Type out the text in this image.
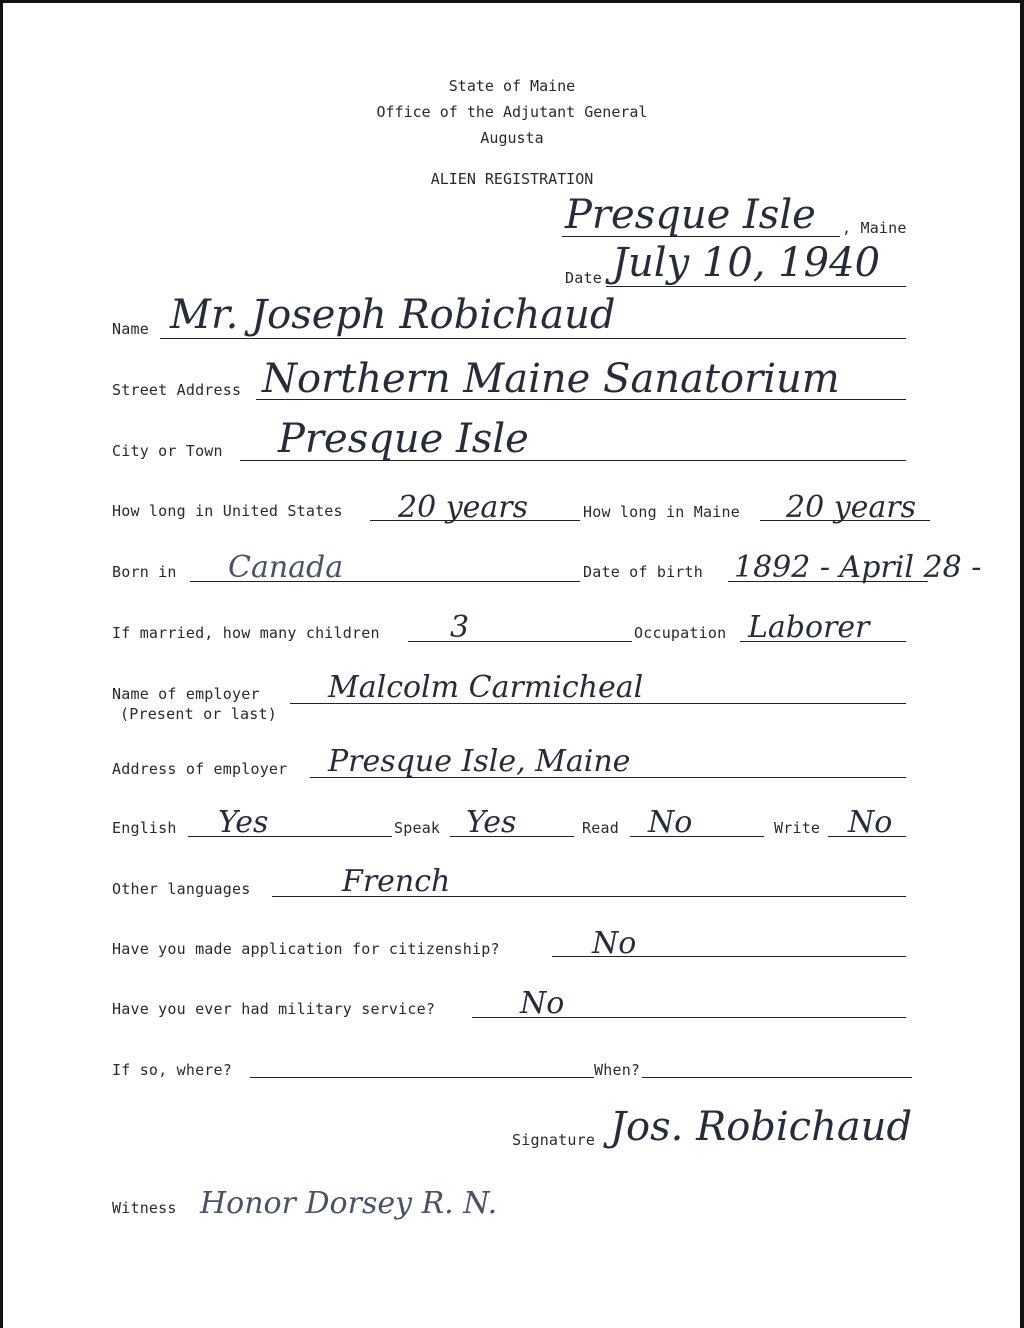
State of Maine
Office of the Adjutant General
Augusta
ALIEN REGISTRATION
Presque Isle , Maine
Date July 10, 1940
Name Mr. Joseph Robichaud
Street Address Northern Maine Sanatorium
City or Town Presque Isle
How long in United States 20 years	How long in Maine 20 years
Born in Canada	Date of birth 1892 - April 28 -
If married, how many children 3	Occupation Laborer
Name of employer
(Present or last)
Malcolm Carmicheal
Address of employer Presque Isle, Maine
English Yes	Speak Yes	Read No	Write No
Other languages	French
Have you made application for citizenship?	No
Have you ever had military service?	No
If so, where?	When?
Signature Jos. Robichaud
Witness Honor Dorsey R. N.
